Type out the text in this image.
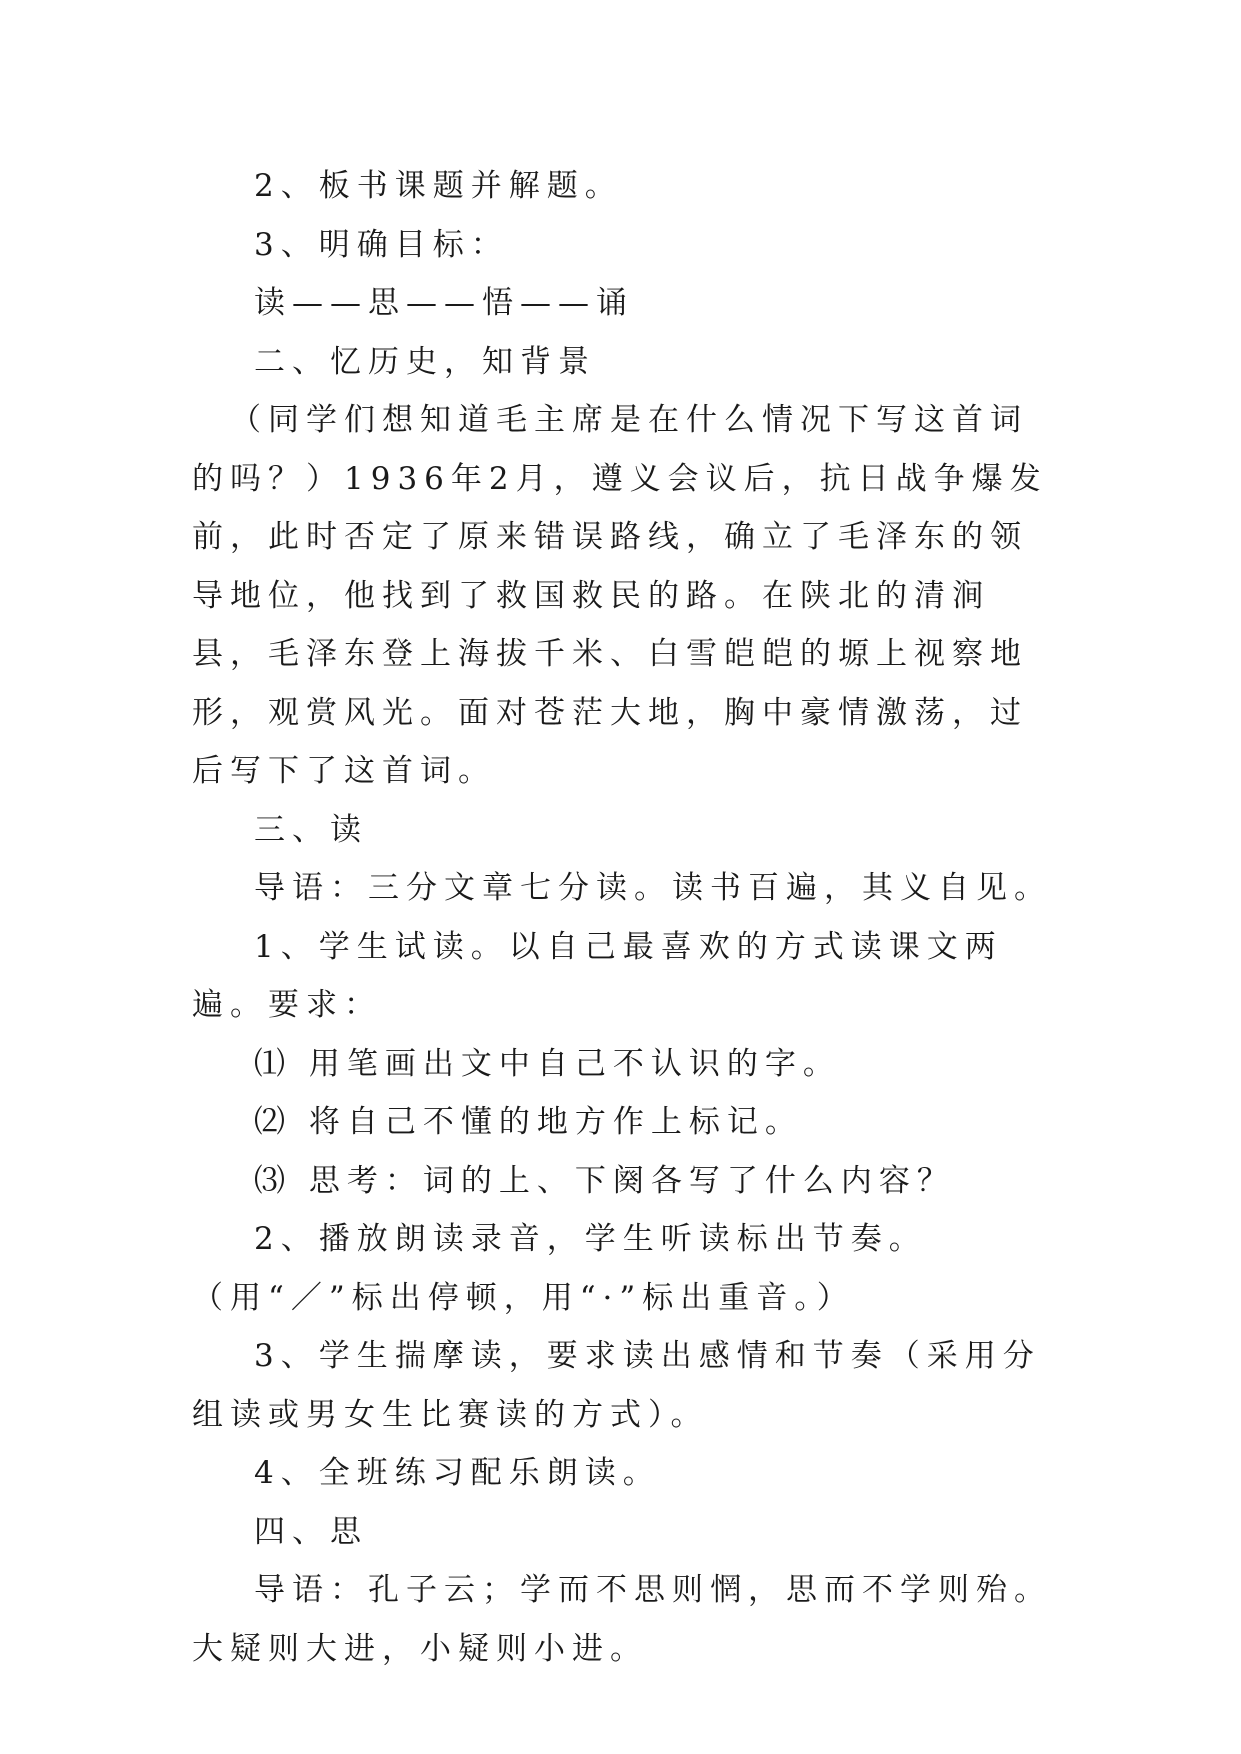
2、板书课题并解题。

3、明确目标：

读——思——悟——诵

二、忆历史，知背景

（同学们想知道毛主席是在什么情况下写这首词的吗？）1936年2月，遵义会议后，抗日战争爆发前，此时否定了原来错误路线，确立了毛泽东的领导地位，他找到了救国救民的路。在陕北的清涧县，毛泽东登上海拔千米、白雪皑皑的塬上视察地形，观赏风光。面对苍茫大地，胸中豪情激荡，过后写下了这首词。

三、读

导语：三分文章七分读。读书百遍，其义自见。

1、学生试读。以自己最喜欢的方式读课文两遍。要求：

⑴ 用笔画出文中自己不认识的字。

⑵ 将自己不懂的地方作上标记。

⑶ 思考：词的上、下阕各写了什么内容？

2、播放朗读录音，学生听读标出节奏。（用“／”标出停顿，用“·”标出重音。）

3、学生揣摩读，要求读出感情和节奏（采用分组读或男女生比赛读的方式）。

4、全班练习配乐朗读。

四、思

导语：孔子云；学而不思则惘，思而不学则殆。大疑则大进，小疑则小进。
